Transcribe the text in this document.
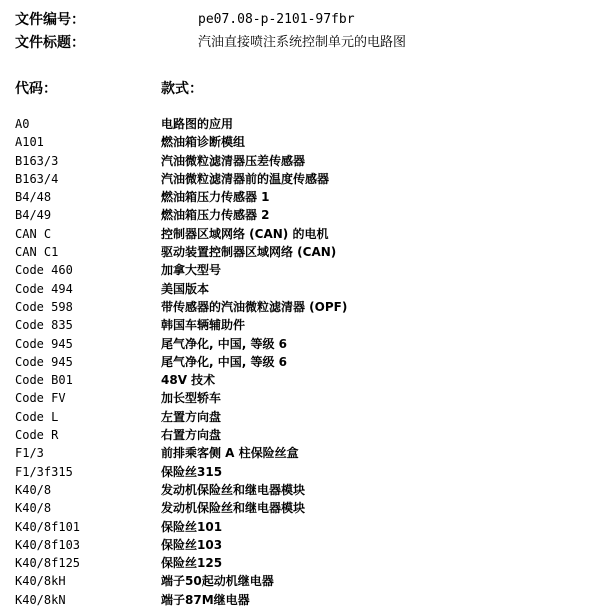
文件编号：	pe07.08-p-2101-97fbr
文件标题：	汽油直接喷注系统控制单元的电路图
代码：	款式：
A0	电路图的应用
A101	燃油箱诊断模组
B163/3	汽油微粒滤清器压差传感器
B163/4	汽油微粒滤清器前的温度传感器
B4/48	燃油箱压力传感器 1
B4/49	燃油箱压力传感器 2
CAN C	控制器区域网络 (CAN) 的电机
CAN C1	驱动装置控制器区域网络 (CAN)
Code 460	加拿大型号
Code 494	美国版本
Code 598	带传感器的汽油微粒滤清器 (OPF)
Code 835	韩国车辆辅助件
Code 945	尾气净化, 中国, 等级 6
Code 945	尾气净化, 中国, 等级 6
Code B01	48V 技术
Code FV	加长型轿车
Code L	左置方向盘
Code R	右置方向盘
F1/3	前排乘客侧 A 柱保险丝盒
F1/3f315	保险丝315
K40/8	发动机保险丝和继电器模块
K40/8	发动机保险丝和继电器模块
K40/8f101	保险丝101
K40/8f103	保险丝103
K40/8f125	保险丝125
K40/8kH	端子50起动机继电器
K40/8kN	端子87M继电器
